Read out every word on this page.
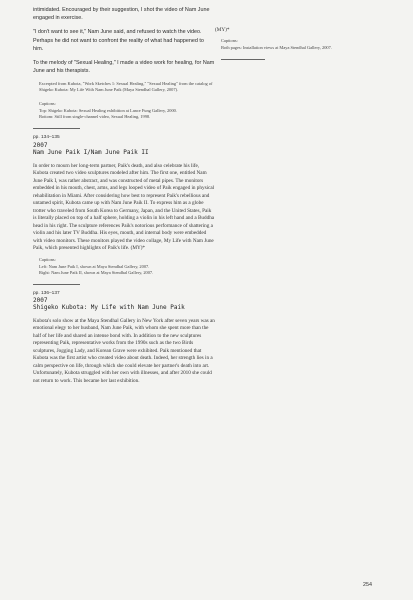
intimidated. Encouraged by their suggestion, I shot the video of Nam June engaged in exercise.

"I don't want to see it," Nam June said, and refused to watch the video. Perhaps he did not want to confront the reality of what had happened to him.

To the melody of "Sexual Healing," I made a video work for healing, for Nam June and his therapists.

Excerpted from Kubota, "Work Sketches 1: Sexual Healing," "Sexual Healing" from the catalog of Shigeko Kubota: My Life With Nam June Paik (Maya Stendhal Gallery, 2007).

Captions:

Top: Shigeko Kubota: Sexual Healing exhibition at Lance Fung Gallery, 2000.

Bottom: Still from single-channel video, Sexual Healing, 1998.

pp. 134–135

2007

Nam June Paik I/Nam June Paik II

In order to mourn her long-term partner, Paik's death, and also celebrate his life, Kubota created two video sculptures modeled after him. The first one, entitled Nam June Paik I, was rather abstract, and was constructed of metal pipes. The monitors embedded in his mouth, chest, arms, and legs looped video of Paik engaged in physical rehabilitation in Miami. After considering how best to represent Paik's rebellious and untamed spirit, Kubota came up with Nam June Paik II. To express him as a globe trotter who traveled from South Korea to Germany, Japan, and the United States, Paik is literally placed on top of a half sphere, holding a violin in his left hand and a Buddha head in his right. The sculpture references Paik's notorious performance of shattering a violin and his later TV Buddha. His eyes, mouth, and internal body were embedded with video monitors. These monitors played the video collage, My Life with Nam June Paik, which presented highlights of Paik's life. (MY)*

Captions:

Left: Nam June Paik I, shown at Maya Stendhal Gallery, 2007.

Right: Nam June Paik II, shown at Maya Stendhal Gallery, 2007.

pp. 136–137

2007

Shigeko Kubota: My Life with Nam June Paik

Kubota's solo show at the Maya Stendhal Gallery in New York after seven years was an emotional elegy to her husband, Nam June Paik, with whom she spent more than the half of her life and shared an intense bond with. In addition to the new sculptures representing Paik, representative works from the 1990s such as the two Birds sculptures, Jogging Lady, and Korean Grave were exhibited. Paik mentioned that Kubota was the first artist who created video about death. Indeed, her strength lies in a calm perspective on life, through which she could elevate her partner's death into art. Unfortunately, Kubota struggled with her own with illnesses, and after 2010 she could not return to work. This became her last exhibition.

(MY)*

Captions:

Both pages: Installation views at Maya Stendhal Gallery, 2007.

254
